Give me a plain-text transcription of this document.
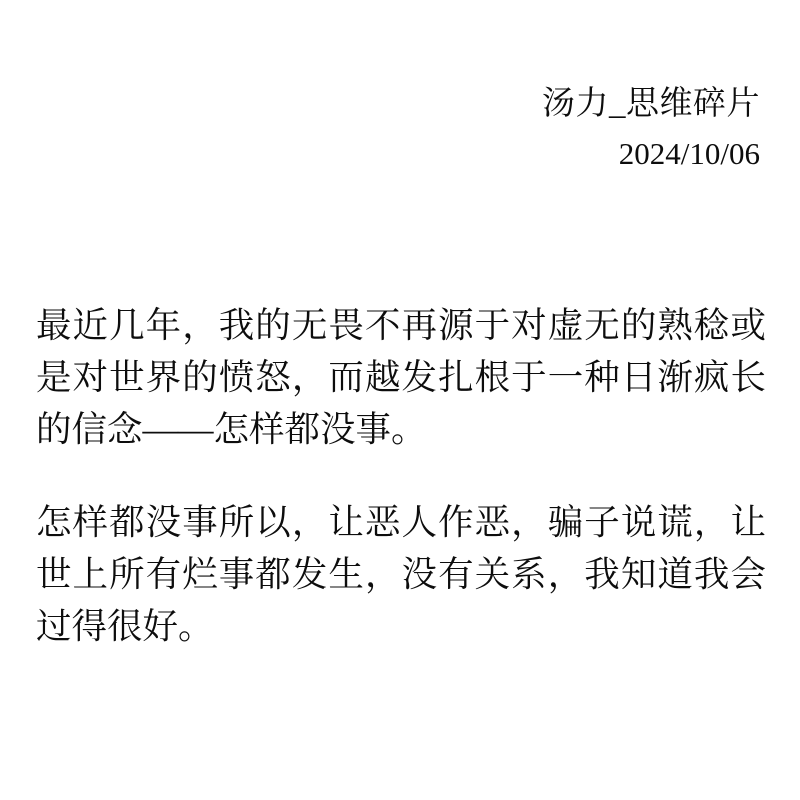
汤力_思维碎片
2024/10/06

最近几年，我的无畏不再源于对虚无的熟稔或是对世界的愤怒，而越发扎根于一种日渐疯长的信念——怎样都没事。

怎样都没事所以，让恶人作恶，骗子说谎，让世上所有烂事都发生，没有关系，我知道我会过得很好。
